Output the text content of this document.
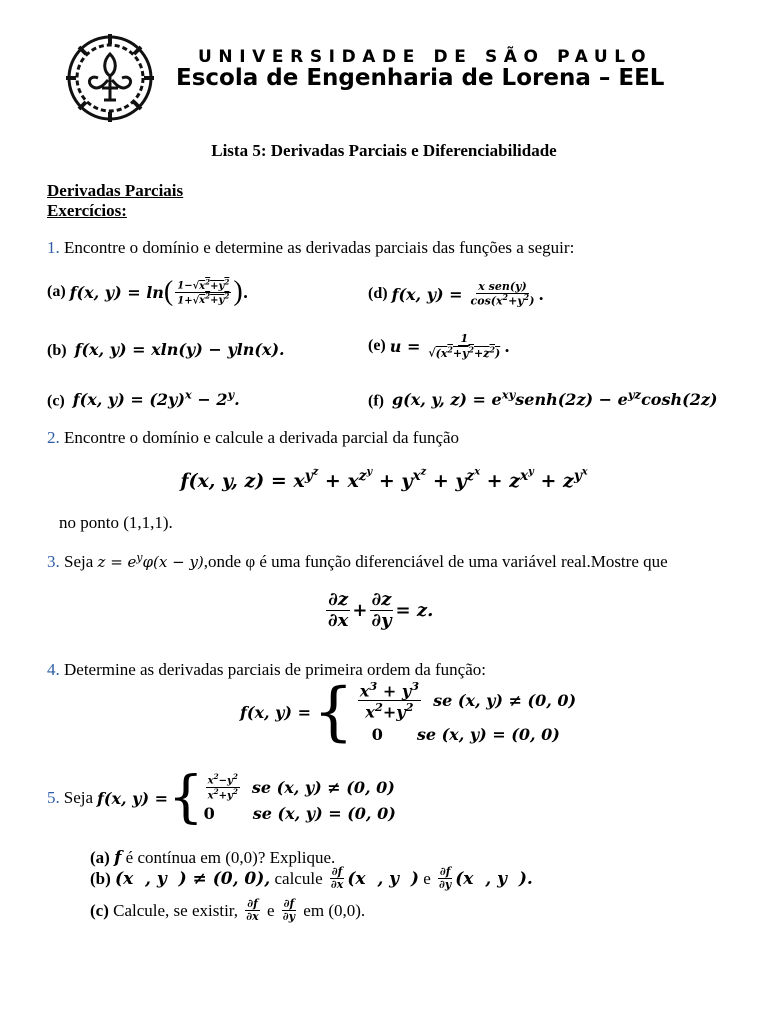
UNIVERSIDADE DE SÃO PAULO
Escola de Engenharia de Lorena – EEL
Lista 5: Derivadas Parciais e Diferenciabilidade
Derivadas Parciais
Exercícios:
1. Encontre o domínio e determine as derivadas parciais das funções a seguir:
(a)
f(x, y) = ln ( $\frac{1-√x^2+y^2}{1+√x^2+y^2}$ ) .	(d)
f(x, y) =
$\frac{\text{x sen(y)}}{\cos(x^2+y^2)}$ .
(b) f(x, y) = xln(y) − yln(x).	(e)
u =
$\frac{1}{√(x^2+y^2+z^2)}$ .
(c) f(x, $y) = (2y)^x - 2^y$.	(f) g(x, y, $z) = e^{xy}senh(2z) - e^{yz}\cosh(2z)$
2. Encontre o domínio e calcule a derivada parcial da função
f(x, y, $z) = x^{y^z} + x^{z^y} + y^{x^z} + y^{z^x} + z^{x^y} + z^{y^x}$
no ponto (1,1,1).
3. Seja $z = e^y\varphi(x$ − y),onde φ é uma função diferenciável de uma variável real.Mostre que
$\frac{\partial z}{\partial x} + \frac{\partial z}{\partial y} = z$.
4. Determine as derivadas parciais de primeira ordem da função:
f(x, y) = { $\frac{x^3 + y^3}{x^2+y^2}$ se (x, y) ≠ (0, 0)
0	se (x, y) = (0, 0)
5.
Seja
f(x, y) = { $\frac{x^2-y^2}{x^2+y^2}$ se (x, y) ≠ (0, 0)
0	se (x, y) = (0, 0)
(a) f é contínua em (0,0)? Explique.
(b)
(x  , y  ) ≠ (0, 0),
calcule
$\frac{\partial f}{\partial x} (x$  , y  ) e $\frac{\partial f}{\partial y} (x$  , y  ).
(c)
Calcule, se existir,
$\frac{\partial f}{\partial x}$ e $\frac{\partial f}{\partial y}$
em (0,0).
